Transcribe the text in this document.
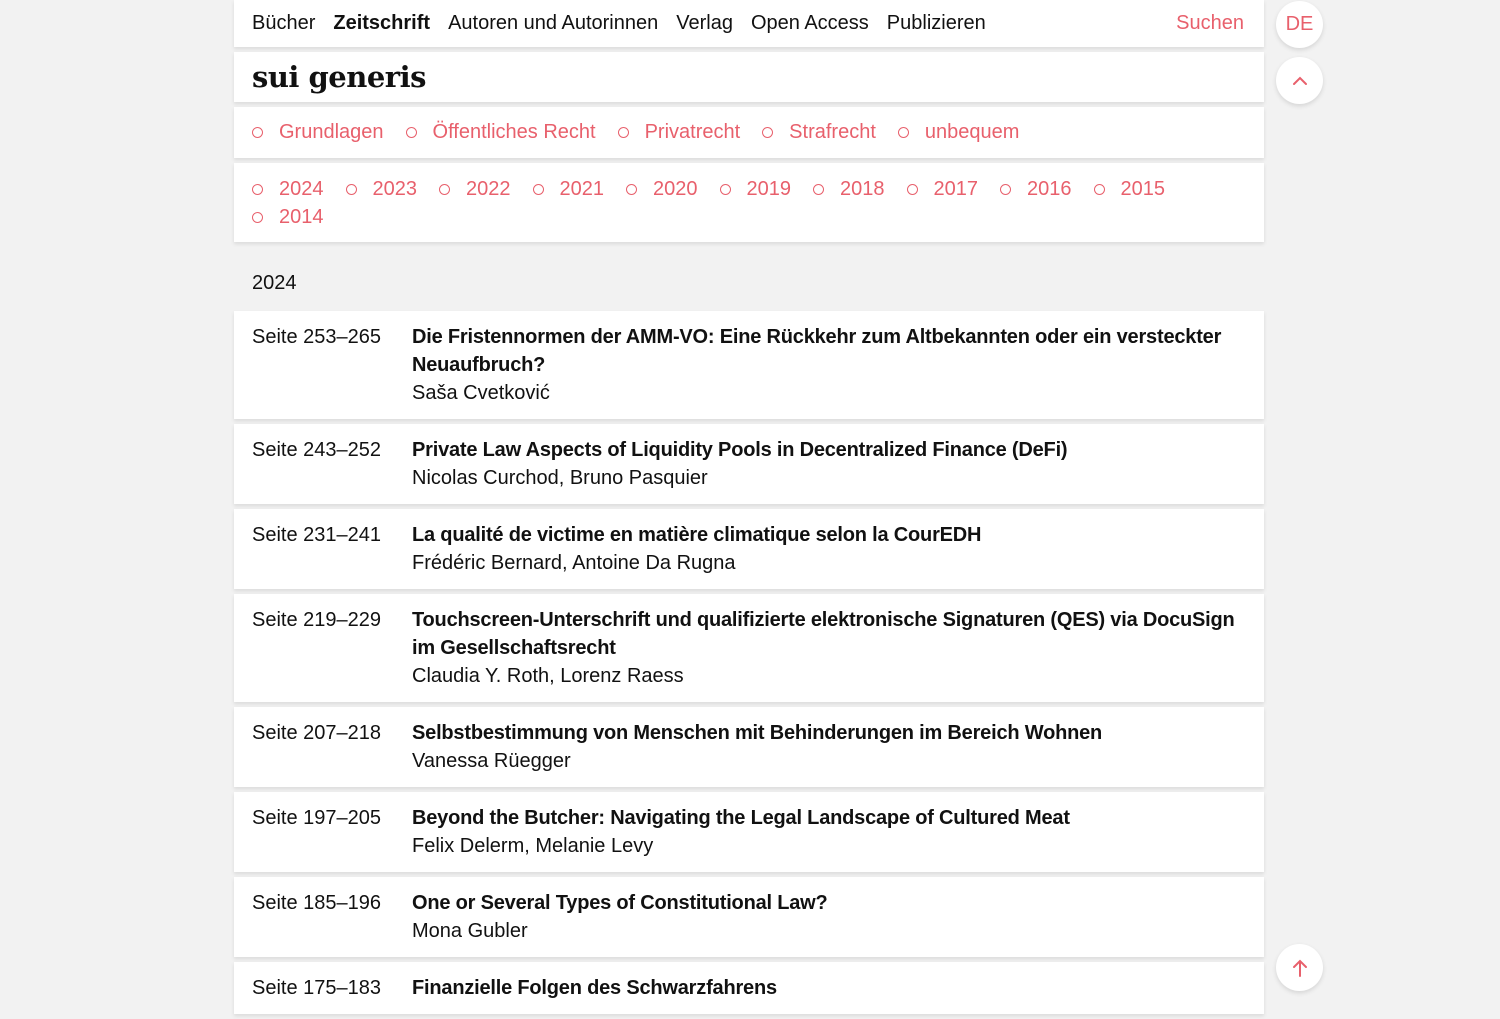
Bücher Zeitschrift Autoren und Autorinnen Verlag Open Access Publizieren	Suchen	DE
sui generis
Grundlagen Öffentliches Recht Privatrecht Strafrecht unbequem
2024 2023 2022 2021 2020 2019 2018 2017 2016 2015

2014
2024
Seite 253–265	Die Fristennormen der AMM-VO: Eine Rückkehr zum Altbekannten oder ein versteckter Neuaufbruch?
Saša Cvetković
Seite 243–252	Private Law Aspects of Liquidity Pools in Decentralized Finance (DeFi)
Nicolas Curchod, Bruno Pasquier
Seite 231–241	La qualité de victime en matière climatique selon la CourEDH
Frédéric Bernard, Antoine Da Rugna
Seite 219–229	Touchscreen-Unterschrift und qualifizierte elektronische Signaturen (QES) via DocuSign im Gesellschaftsrecht
Claudia Y. Roth, Lorenz Raess
Seite 207–218	Selbstbestimmung von Menschen mit Behinderungen im Bereich Wohnen
Vanessa Rüegger
Seite 197–205	Beyond the Butcher: Navigating the Legal Landscape of Cultured Meat
Felix Delerm, Melanie Levy
Seite 185–196	One or Several Types of Constitutional Law?
Mona Gubler
Seite 175–183	Finanzielle Folgen des Schwarzfahrens
